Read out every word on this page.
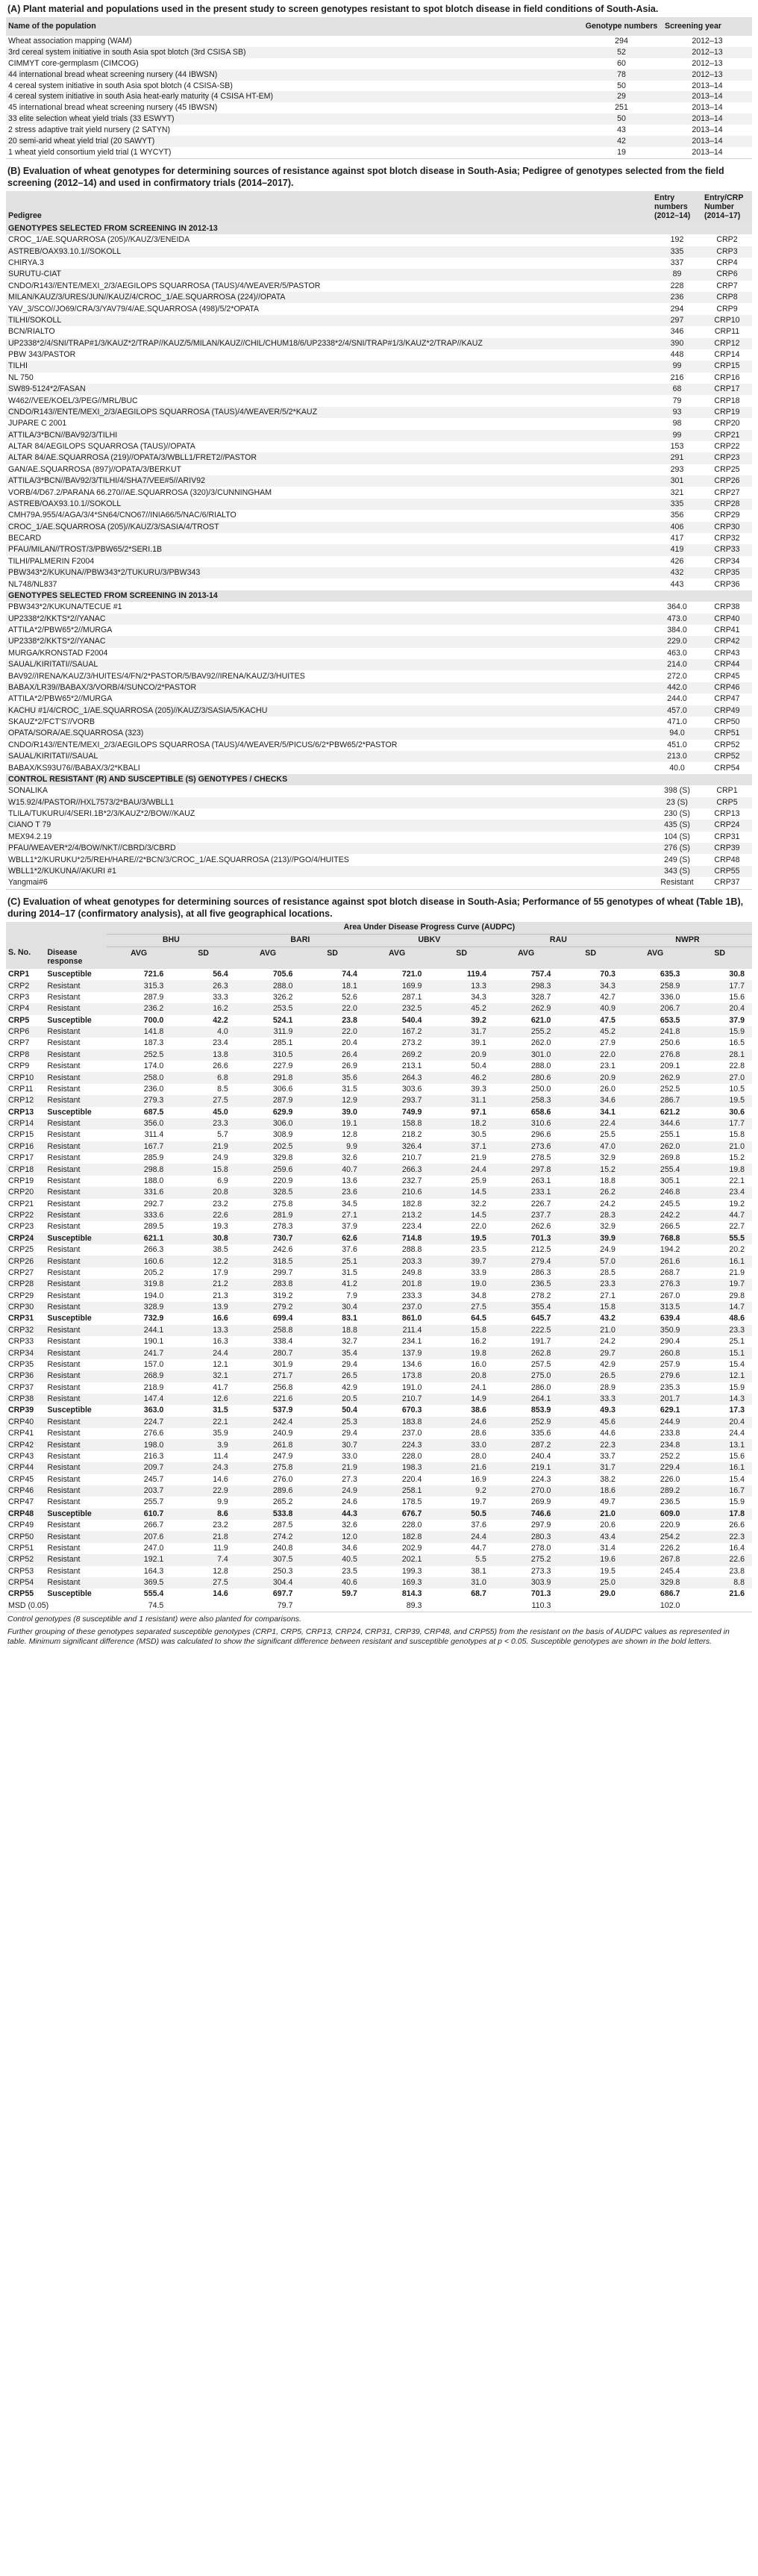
(A) Plant material and populations used in the present study to screen genotypes resistant to spot blotch disease in field conditions of South-Asia.
Name of the population	Genotype numbers	Screening year
Wheat association mapping (WAM)	294	2012–13
3rd cereal system initiative in south Asia spot blotch (3rd CSISA SB)	52	2012–13
CIMMYT core-germplasm (CIMCOG)	60	2012–13
44 international bread wheat screening nursery (44 IBWSN)	78	2012–13
4 cereal system initiative in south Asia spot blotch (4 CSISA-SB)	50	2013–14
4 cereal system initiative in south Asia heat-early maturity (4 CSISA HT-EM)	29	2013–14
45 international bread wheat screening nursery (45 IBWSN)	251	2013–14
33 elite selection wheat yield trials (33 ESWYT)	50	2013–14
2 stress adaptive trait yield nursery (2 SATYN)	43	2013–14
20 semi-arid wheat yield trial (20 SAWYT)	42	2013–14
1 wheat yield consortium yield trial (1 WYCYT)	19	2013–14
(B) Evaluation of wheat genotypes for determining sources of resistance against spot blotch disease in South-Asia; Pedigree of genotypes selected from the field screening (2012–14) and used in confirmatory trials (2014–2017).
Pedigree	Entry numbers (2012–14)	Entry/CRP Number (2014–17)
GENOTYPES SELECTED FROM SCREENING IN 2012-13		
CROC_1/AE.SQUARROSA (205)//KAUZ/3/ENEIDA	192	CRP2
ASTREB/OAX93.10.1//SOKOLL	335	CRP3
CHIRYA.3	337	CRP4
SURUTU-CIAT	89	CRP6
CNDO/R143//ENTE/MEXI_2/3/AEGILOPS SQUARROSA (TAUS)/4/WEAVER/5/PASTOR	228	CRP7
MILAN/KAUZ/3/URES/JUN//KAUZ/4/CROC_1/AE.SQUARROSA (224)//OPATA	236	CRP8
YAV_3/SCO//JO69/CRA/3/YAV79/4/AE.SQUARROSA (498)/5/2*OPATA	294	CRP9
TILHI/SOKOLL	297	CRP10
BCN/RIALTO	346	CRP11
UP2338*2/4/SNI/TRAP#1/3/KAUZ*2/TRAP//KAUZ/5/MILAN/KAUZ//CHIL/CHUM18/6/UP2338*2/4/SNI/TRAP#1/3/KAUZ*2/TRAP//KAUZ	390	CRP12
PBW 343/PASTOR	448	CRP14
TILHI	99	CRP15
NL 750	216	CRP16
SW89-5124*2/FASAN	68	CRP17
W462//VEE/KOEL/3/PEG//MRL/BUC	79	CRP18
CNDO/R143//ENTE/MEXI_2/3/AEGILOPS SQUARROSA (TAUS)/4/WEAVER/5/2*KAUZ	93	CRP19
JUPARE C 2001	98	CRP20
ATTILA/3*BCN//BAV92/3/TILHI	99	CRP21
ALTAR 84/AEGILOPS SQUARROSA (TAUS)//OPATA	153	CRP22
ALTAR 84/AE.SQUARROSA (219)//OPATA/3/WBLL1/FRET2//PASTOR	291	CRP23
GAN/AE.SQUARROSA (897)//OPATA/3/BERKUT	293	CRP25
ATTILA/3*BCN//BAV92/3/TILHI/4/SHA7/VEE#5//ARIV92	301	CRP26
VORB/4/D67.2/PARANA 66.270//AE.SQUARROSA (320)/3/CUNNINGHAM	321	CRP27
ASTREB/OAX93.10.1//SOKOLL	335	CRP28
CMH79A.955/4/AGA/3/4*SN64/CNO67//INIA66/5/NAC/6/RIALTO	356	CRP29
CROC_1/AE.SQUARROSA (205)//KAUZ/3/SASIA/4/TROST	406	CRP30
BECARD	417	CRP32
PFAU/MILAN//TROST/3/PBW65/2*SERI.1B	419	CRP33
TILHI/PALMERIN F2004	426	CRP34
PBW343*2/KUKUNA//PBW343*2/TUKURU/3/PBW343	432	CRP35
NL748/NL837	443	CRP36
GENOTYPES SELECTED FROM SCREENING IN 2013-14		
PBW343*2/KUKUNA/TECUE #1	364.0	CRP38
UP2338*2/KKTS*2//YANAC	473.0	CRP40
ATTILA*2/PBW65*2//MURGA	384.0	CRP41
UP2338*2/KKTS*2//YANAC	229.0	CRP42
MURGA/KRONSTAD F2004	463.0	CRP43
SAUAL/KIRITATI//SAUAL	214.0	CRP44
BAV92//IRENA/KAUZ/3/HUITES/4/FN/2*PASTOR/5/BAV92//IRENA/KAUZ/3/HUITES	272.0	CRP45
BABAX/LR39//BABAX/3/VORB/4/SUNCO/2*PASTOR	442.0	CRP46
ATTILA*2/PBW65*2//MURGA	244.0	CRP47
KACHU #1/4/CROC_1/AE.SQUARROSA (205)//KAUZ/3/SASIA/5/KACHU	457.0	CRP49
SKAUZ*2/FCT'S'//VORB	471.0	CRP50
OPATA/SORA/AE.SQUARROSA (323)	94.0	CRP51
CNDO/R143//ENTE/MEXI_2/3/AEGILOPS SQUARROSA (TAUS)/4/WEAVER/5/PICUS/6/2*PBW65/2*PASTOR	451.0	CRP52
SAUAL/KIRITATI//SAUAL	213.0	CRP52
BABAX/KS93U76//BABAX/3/2*KBALI	40.0	CRP54
CONTROL RESISTANT (R) AND SUSCEPTIBLE (S) GENOTYPES / CHECKS		
SONALIKA	398 (S)	CRP1
W15.92/4/PASTOR//HXL7573/2*BAU/3/WBLL1	23 (S)	CRP5
TLILA/TUKURU/4/SERI.1B*2/3/KAUZ*2/BOW//KAUZ	230 (S)	CRP13
CIANO T 79	435 (S)	CRP24
MEX94.2.19	104 (S)	CRP31
PFAU/WEAVER*2/4/BOW/NKT//CBRD/3/CBRD	276 (S)	CRP39
WBLL1*2/KURUKU*2/5/REH/HARE//2*BCN/3/CROC_1/AE.SQUARROSA (213)//PGO/4/HUITES	249 (S)	CRP48
WBLL1*2/KUKUNA//AKURI #1	343 (S)	CRP55
Yangmai#6	Resistant	CRP37
(C) Evaluation of wheat genotypes for determining sources of resistance against spot blotch disease in South-Asia; Performance of 55 genotypes of wheat (Table 1B), during 2014–17 (confirmatory analysis), at all five geographical locations.
		Area Under Disease Progress Curve (AUDPC)									
		BHU		BARI		UBKV		RAU		NWPR	
S. No.	Disease response	AVG	SD	AVG	SD	AVG	SD	AVG	SD	AVG	SD
CRP1	Susceptible	721.6	56.4	705.6	74.4	721.0	119.4	757.4	70.3	635.3	30.8
CRP2	Resistant	315.3	26.3	288.0	18.1	169.9	13.3	298.3	34.3	258.9	17.7
CRP3	Resistant	287.9	33.3	326.2	52.6	287.1	34.3	328.7	42.7	336.0	15.6
CRP4	Resistant	236.2	16.2	253.5	22.0	232.5	45.2	262.9	40.9	206.7	20.4
CRP5	Susceptible	700.0	42.2	524.1	23.8	540.4	39.2	621.0	47.5	653.5	37.9
CRP6	Resistant	141.8	4.0	311.9	22.0	167.2	31.7	255.2	45.2	241.8	15.9
CRP7	Resistant	187.3	23.4	285.1	20.4	273.2	39.1	262.0	27.9	250.6	16.5
CRP8	Resistant	252.5	13.8	310.5	26.4	269.2	20.9	301.0	22.0	276.8	28.1
CRP9	Resistant	174.0	26.6	227.9	26.9	213.1	50.4	288.0	23.1	209.1	22.8
CRP10	Resistant	258.0	6.8	291.8	35.6	264.3	46.2	280.6	20.9	262.9	27.0
CRP11	Resistant	236.0	8.5	306.6	31.5	303.6	39.3	250.0	26.0	252.5	10.5
CRP12	Resistant	279.3	27.5	287.9	12.9	293.7	31.1	258.3	34.6	286.7	19.5
CRP13	Susceptible	687.5	45.0	629.9	39.0	749.9	97.1	658.6	34.1	621.2	30.6
CRP14	Resistant	356.0	23.3	306.0	19.1	158.8	18.2	310.6	22.4	344.6	17.7
CRP15	Resistant	311.4	5.7	308.9	12.8	218.2	30.5	296.6	25.5	255.1	15.8
CRP16	Resistant	167.7	21.9	202.5	9.9	326.4	37.1	273.6	47.0	262.0	21.0
CRP17	Resistant	285.9	24.9	329.8	32.6	210.7	21.9	278.5	32.9	269.8	15.2
CRP18	Resistant	298.8	15.8	259.6	40.7	266.3	24.4	297.8	15.2	255.4	19.8
CRP19	Resistant	188.0	6.9	220.9	13.6	232.7	25.9	263.1	18.8	305.1	22.1
CRP20	Resistant	331.6	20.8	328.5	23.6	210.6	14.5	233.1	26.2	246.8	23.4
CRP21	Resistant	292.7	23.2	275.8	34.5	182.8	32.2	226.7	24.2	245.5	19.2
CRP22	Resistant	333.6	22.6	281.9	27.1	213.2	14.5	237.7	28.3	242.2	44.7
CRP23	Resistant	289.5	19.3	278.3	37.9	223.4	22.0	262.6	32.9	266.5	22.7
CRP24	Susceptible	621.1	30.8	730.7	62.6	714.8	19.5	701.3	39.9	768.8	55.5
CRP25	Resistant	266.3	38.5	242.6	37.6	288.8	23.5	212.5	24.9	194.2	20.2
CRP26	Resistant	160.6	12.2	318.5	25.1	203.3	39.7	279.4	57.0	261.6	16.1
CRP27	Resistant	205.2	17.9	299.7	31.5	249.8	33.9	286.3	28.5	268.7	21.9
CRP28	Resistant	319.8	21.2	283.8	41.2	201.8	19.0	236.5	23.3	276.3	19.7
CRP29	Resistant	194.0	21.3	319.2	7.9	233.3	34.8	278.2	27.1	267.0	29.8
CRP30	Resistant	328.9	13.9	279.2	30.4	237.0	27.5	355.4	15.8	313.5	14.7
CRP31	Susceptible	732.9	16.6	699.4	83.1	861.0	64.5	645.7	43.2	639.4	48.6
CRP32	Resistant	244.1	13.3	258.8	18.8	211.4	15.8	222.5	21.0	350.9	23.3
CRP33	Resistant	190.1	16.3	338.4	32.7	234.1	16.2	191.7	24.2	290.4	25.1
CRP34	Resistant	241.7	24.4	280.7	35.4	137.9	19.8	262.8	29.7	260.8	15.1
CRP35	Resistant	157.0	12.1	301.9	29.4	134.6	16.0	257.5	42.9	257.9	15.4
CRP36	Resistant	268.9	32.1	271.7	26.5	173.8	20.8	275.0	26.5	279.6	12.1
CRP37	Resistant	218.9	41.7	256.8	42.9	191.0	24.1	286.0	28.9	235.3	15.9
CRP38	Resistant	147.4	12.6	221.6	20.5	210.7	14.9	264.1	33.3	201.7	14.3
CRP39	Susceptible	363.0	31.5	537.9	50.4	670.3	38.6	853.9	49.3	629.1	17.3
CRP40	Resistant	224.7	22.1	242.4	25.3	183.8	24.6	252.9	45.6	244.9	20.4
CRP41	Resistant	276.6	35.9	240.9	29.4	237.0	28.6	335.6	44.6	233.8	24.4
CRP42	Resistant	198.0	3.9	261.8	30.7	224.3	33.0	287.2	22.3	234.8	13.1
CRP43	Resistant	216.3	11.4	247.9	33.0	228.0	28.0	240.4	33.7	252.2	15.6
CRP44	Resistant	209.7	24.3	275.8	21.9	198.3	21.6	219.1	31.7	229.4	16.1
CRP45	Resistant	245.7	14.6	276.0	27.3	220.4	16.9	224.3	38.2	226.0	15.4
CRP46	Resistant	203.7	22.9	289.6	24.9	258.1	9.2	270.0	18.6	289.2	16.7
CRP47	Resistant	255.7	9.9	265.2	24.6	178.5	19.7	269.9	49.7	236.5	15.9
CRP48	Susceptible	610.7	8.6	533.8	44.3	676.7	50.5	746.6	21.0	609.0	17.8
CRP49	Resistant	266.7	23.2	287.5	32.6	228.0	37.6	297.9	20.6	220.9	26.6
CRP50	Resistant	207.6	21.8	274.2	12.0	182.8	24.4	280.3	43.4	254.2	22.3
CRP51	Resistant	247.0	11.9	240.8	34.6	202.9	44.7	278.0	31.4	226.2	16.4
CRP52	Resistant	192.1	7.4	307.5	40.5	202.1	5.5	275.2	19.6	267.8	22.6
CRP53	Resistant	164.3	12.8	250.3	23.5	199.3	38.1	273.3	19.5	245.4	23.8
CRP54	Resistant	369.5	27.5	304.4	40.6	169.3	31.0	303.9	25.0	329.8	8.8
CRP55	Susceptible	555.4	14.6	697.7	59.7	814.3	68.7	701.3	29.0	686.7	21.6
MSD (0.05)		74.5		79.7		89.3		110.3		102.0	
Control genotypes (8 susceptible and 1 resistant) were also planted for comparisons.
Further grouping of these genotypes separated susceptible genotypes (CRP1, CRP5, CRP13, CRP24, CRP31, CRP39, CRP48, and CRP55) from the resistant on the basis of AUDPC values as represented in table. Minimum significant difference (MSD) was calculated to show the significant difference between resistant and susceptible genotypes at p < 0.05. Susceptible genotypes are shown in the bold letters.
